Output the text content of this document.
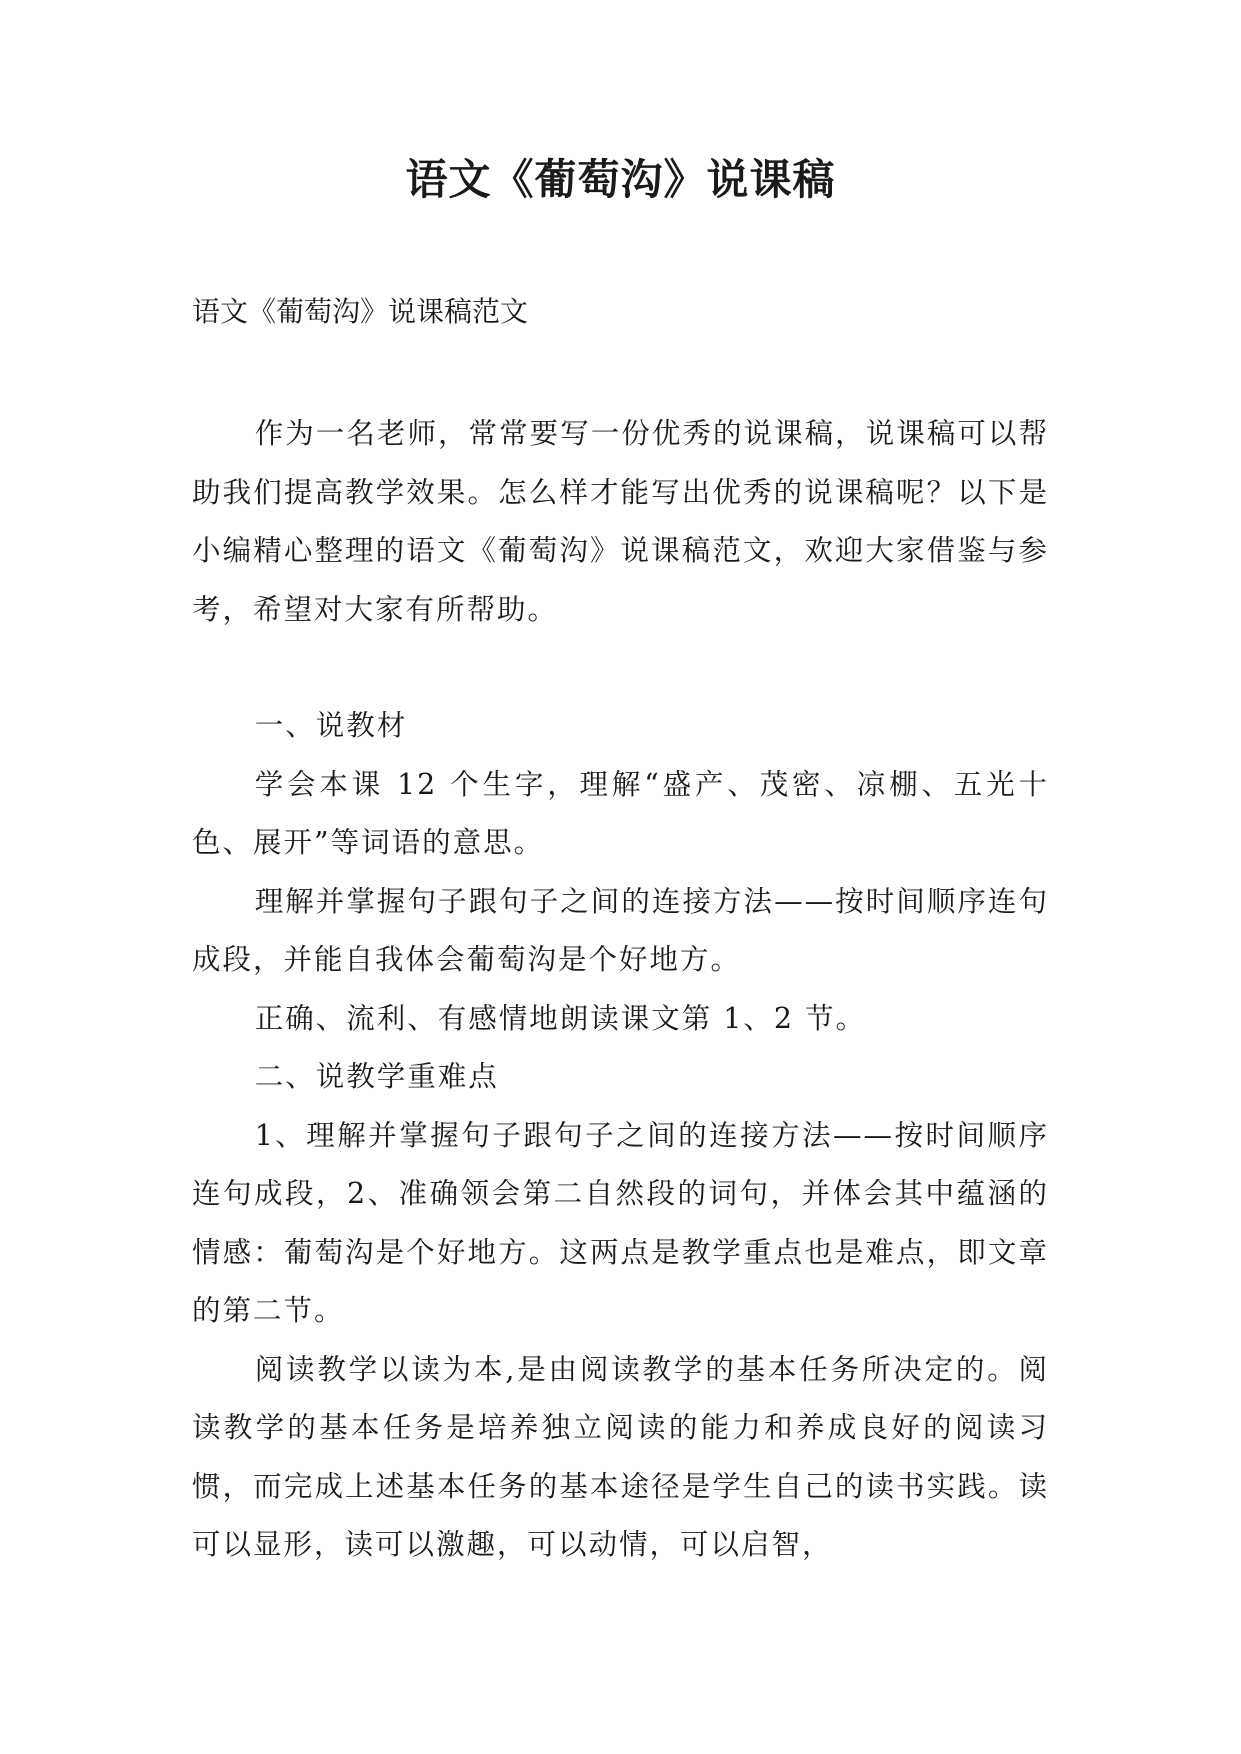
语文《葡萄沟》说课稿

语文《葡萄沟》说课稿范文

作为一名老师，常常要写一份优秀的说课稿，说课稿可以帮助我们提高教学效果。怎么样才能写出优秀的说课稿呢？以下是小编精心整理的语文《葡萄沟》说课稿范文，欢迎大家借鉴与参考，希望对大家有所帮助。

一、说教材

学会本课 12 个生字，理解“盛产、茂密、凉棚、五光十色、展开”等词语的意思。

理解并掌握句子跟句子之间的连接方法——按时间顺序连句成段，并能自我体会葡萄沟是个好地方。

正确、流利、有感情地朗读课文第 1、2 节。

二、说教学重难点

1、理解并掌握句子跟句子之间的连接方法——按时间顺序连句成段，2、准确领会第二自然段的词句，并体会其中蕴涵的情感：葡萄沟是个好地方。这两点是教学重点也是难点，即文章的第二节。

阅读教学以读为本,是由阅读教学的基本任务所决定的。阅读教学的基本任务是培养独立阅读的能力和养成良好的阅读习惯，而完成上述基本任务的基本途径是学生自己的读书实践。读可以显形，读可以激趣，可以动情，可以启智，
